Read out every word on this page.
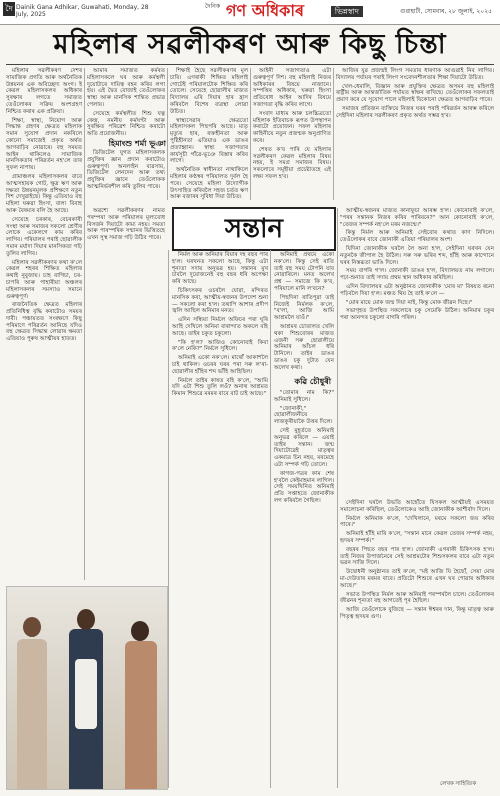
দৈ Dainik Gana Adhikar, Guwahati, Monday, 28 July, 2025
দৈনিক গণ অধিকাৰ	ভিন্নস্বাদ	গুৱাহাটী, সোমবাৰ, ২৮ জুলাই, ২০২৫
মহিলাৰ সৱলীকৰণ আৰু কিছু চিন্তা

মহিলাৰ সৱলীকৰণ দেশৰ সামাজিক প্ৰগতি আৰু অৰ্থনৈতিক উন্নয়নৰ এক অবিচ্ছেদ্য অংগ। ই কেৱল মহিলাসকলৰ অধিকাৰ সুৰক্ষাৰ লগতে সমাজত তেওঁলোকৰ সক্ৰিয় অংশগ্ৰহণ নিশ্চিত কৰাৰ এক প্ৰক্ৰিয়া।

শিক্ষা, স্বাস্থ্য, নিয়োগ আৰু সিদ্ধান্ত গ্ৰহণৰ ক্ষেত্ৰত মহিলাক সমান সুযোগ প্ৰদান নকৰিলে কোনো সমাজেই প্ৰকৃত অৰ্থত আগবাঢ়িব নোৱাৰে। বহু সময়ত আইন থাকিলেও সামাজিক মানসিকতাৰ পৰিৱৰ্তন নহ'লে তাৰ সুফল নাপায়।

গ্ৰামাঞ্চলৰ মহিলাসকলৰ বাবে আত্মসহায়ক গোট, ক্ষুদ্ৰ ঋণ আৰু দক্ষতা উন্নয়নমূলক প্ৰশিক্ষণে নতুন দিশ দেখুৱাইছে। কিন্তু এতিয়াও বহু মহিলা ঘৰুৱা হিংসা, বাল্য বিবাহ আৰু বৈষম্যৰ বলি হৈ আছে।

সেয়েহে চৰকাৰ, বেচৰকাৰী সংস্থা আৰু সমাজৰ সকলো শ্ৰেণীৰ লোকে একেলগে কাম কৰিব লাগিব। পৰিয়ালৰ পৰাই ছোৱালীক সমান মৰ্যাদা দিয়াৰ মানসিকতা গঢ়ি তুলিব লাগিব।

মহিলাৰ সৱলীকৰণৰ কথা ক'লে কেৱল শহৰৰ শিক্ষিত মহিলাৰ কথাই নুবুজায়। চাহ বাগিচা, চৰ-চাপৰি আৰু পাহাৰীয়া অঞ্চলৰ মহিলাসকলৰ সমস্যাও সমানে গুৰুত্বপূৰ্ণ।

ৰাজনৈতিক ক্ষেত্ৰত মহিলাৰ প্ৰতিনিধিত্ব বৃদ্ধি কৰাটোও সময়ৰ দাবী। পঞ্চায়তত সংৰক্ষণে কিছু পৰিমাণে পৰিৱৰ্তন আনিছে যদিও বহু ক্ষেত্ৰত সিদ্ধান্ত লোৱাৰ ক্ষমতা এতিয়াও পুৰুষ আত্মীয়ৰ হাতত।

আমাৰ সমাজত কৰ্মৰত মহিলাসকলে ঘৰ আৰু কৰ্মস্থলী দুয়োটাৰে দায়িত্ব বহন কৰিব লগা হয়। এই দ্বৈত বোজাই তেওঁলোকৰ স্বাস্থ্য আৰু মানসিক শান্তিত প্ৰভাৱ পেলায়।

সেয়েহে কৰ্মস্থলীত শিশু যত্ন কেন্দ্ৰ, নমনীয় কৰ্মঘণ্টা আৰু সুৰক্ষিত পৰিৱেশ নিশ্চিত কৰাটো অতি প্ৰয়োজনীয়।

হিমাংশু শৰ্মা ভূঞা

ডিজিটেল যুগত মহিলাসকলক প্ৰযুক্তিৰ জ্ঞান প্ৰদান কৰাটোও গুৰুত্বপূৰ্ণ। অনলাইন ব্যৱসায়, ডিজিটেল লেনদেন আৰু তথ্য প্ৰযুক্তিৰ জ্ঞানে তেওঁলোকক আত্মনিৰ্ভৰশীল কৰি তুলিব পাৰে।

শিক্ষাই হৈছে সৱলীকৰণৰ মূল চাবি। এগৰাকী শিক্ষিত মহিলাই গোটেই পৰিয়ালটোক শিক্ষিত কৰি তোলে। সেয়েহে ছোৱালীৰ মাজত বিদ্যালয় এৰি দিয়াৰ হাৰ হ্ৰাস কৰিবলৈ বিশেষ ব্যৱস্থা লোৱা উচিত।

স্বাস্থ্যসেৱাৰ ক্ষেত্ৰতো মহিলাসকল পিছপৰি আছে। মাতৃ মৃত্যুৰ হাৰ, ৰক্তহীনতা আৰু পুষ্টিহীনতা এতিয়াও এক ডাঙৰ প্ৰত্যাহ্বান। স্বাস্থ্য সজাগতাৰ কাৰ্যসূচী গাঁৱে-ভূঞে বিস্তাৰ কৰিব লাগে।

অৰ্থনৈতিক স্বাধীনতা নাথাকিলে মহিলাৰ কণ্ঠস্বৰ পৰিয়ালত দুৰ্বল হৈ পৰে। সেয়েহে মহিলা উদ্যোগীক উৎসাহিত কৰিবলৈ সহজ চৰ্তত ঋণ আৰু বজাৰৰ সুবিধা দিয়া উচিত।

আইনী সজাগতাও এটা গুৰুত্বপূৰ্ণ দিশ। বহু মহিলাই নিজৰ অধিকাৰৰ বিষয়ে নাজানে। সম্পত্তিৰ অধিকাৰ, ঘৰুৱা হিংসা প্ৰতিৰোধ আইন আদিৰ বিষয়ে সজাগতা বৃদ্ধি কৰিব লাগে।

সংবাদ মাধ্যম আৰু চলচ্চিত্ৰতো মহিলাক ইতিবাচক ৰূপত উপস্থাপন কৰাটো প্ৰয়োজন। সফল মহিলাৰ কাহিনীয়ে নতুন প্ৰজন্মক অনুপ্ৰাণিত কৰে।

শেষত ক'ব পাৰি যে মহিলাৰ সৱলীকৰণ কেৱল মহিলাৰ বিষয় নহয়, ই সমগ্ৰ সমাজৰ বিষয়। সকলোৰে সমূহীয়া প্ৰচেষ্টাতহে এই লক্ষ্য সফল হ'ব।

আজিৰ যুৱ প্ৰজন্মই লিংগ সমতাৰ ধাৰণাক আগুৱাই নিব লাগিব। বিদ্যালয় পৰ্যায়ৰ পৰাই লিংগ সংবেদনশীলতাৰ শিক্ষা দিয়াটো উচিত।

খেল-ধেমালি, বিজ্ঞান আৰু প্ৰযুক্তিৰ ক্ষেত্ৰত অসমৰ বহু মহিলাই ৰাষ্ট্ৰীয় আৰু আন্তৰ্জাতিক পৰ্যায়ত স্বাক্ষৰ ৰাখিছে। তেওঁলোকৰ সফলতাই প্ৰমাণ কৰে যে সুযোগ পালে মহিলাই যিকোনো ক্ষেত্ৰত আগবাঢ়িব পাৰে।

সমাজৰ প্ৰতিজন ব্যক্তিয়ে নিজৰ ঘৰৰ পৰাই পৰিৱৰ্তন আৰম্ভ কৰিলে সেইদিনা মহিলাৰ সৱলীকৰণ প্ৰকৃত অৰ্থত সম্ভৱ হ'ব।

সন্তান

অৱশ্যে সৱলীকৰণৰ নামত পৰম্পৰা আৰু পৰিয়ালৰ মূল্যবোধ বিসৰ্জন দিয়াটো কাম্য নহয়। সমতা আৰু পাৰস্পৰিক সন্মানৰ ভিত্তিতহে এখন সুস্থ সমাজ গঢ়ি উঠিব পাৰে।

নিৰ্মল আৰু অনিমাৰ বিয়াৰ দহ বছৰ পাৰ হ'ল। ঘৰখনত সকলো আছে, কিন্তু এটা শূন্যতা সদায় অনুভৱ হয়। সন্তানৰ মুখ চাবলৈ দুয়োজনেই বহু বছৰ ধৰি অপেক্ষা কৰি আছে।

চিকিৎসকৰ ওচৰলৈ যোৱা, মন্দিৰত মানসিক কৰা, আত্মীয়-স্বজনৰ উপদেশ শুনা — সকলো কৰা হ'ল। তথাপি আশাৰ প্ৰদীপ জ্বলি আছিল অনিমাৰ মনত।

এদিন সন্ধিয়া নিৰ্মলে অফিচৰ পৰা ঘূৰি আহি দেখিলে অনিমা বাৰান্দাত অকলে বহি আছে। তাইৰ চকুত চকুলো।

"কি হ'ল? আজিও কোনোবাই কিবা ক'লে নেকি?" নিৰ্মলে সুধিলে।

অনিমাই একো নক'লে। মাথোঁ আকাশলৈ চাই থাকিল। ওচৰৰ ঘৰৰ পৰা সৰু ল'ৰা-ছোৱালীৰ হাঁহিৰ শব্দ ভাঁহি আহিছিল।

নিৰ্মলে তাইৰ কাষত বহি ক'লে, "আমি যদি এটা শিশু তুলি লওঁ? অনাথ আশ্ৰমত কিমান শিশুৱে মৰমৰ বাবে বাট চাই আছে।"

কৱি চৌধুৰী

অনিমাই প্ৰথমে একো নক'লে। কিন্তু সেই ৰাতি তাই বহু সময় টোপনি যাব নোৱাৰিলে। মনত অলেখ প্ৰশ্ন — সমাজে কি ক'ব, পৰিয়ালে মানি ল'বনে?

পিছদিনা ৰাতিপুৱা তাই নিজেই নিৰ্মলক ক'লে, "ব'লা, আজি আমি আশ্ৰমলৈ যাওঁ।"

আশ্ৰমৰ চোতালত খেলি থকা শিশুবোৰৰ মাজত এজনী সৰু ছোৱালীয়ে অনিমাৰ আঁচল ধৰি টানিলে। তাইৰ ডাঙৰ ডাঙৰ চকু দুটাত যেন অলেখ কথা।

"তোমাৰ নাম কি?" অনিমাই সুধিলে।

"জোনাকী," ছোৱালীজনীয়ে লাজকুৰীয়াকৈ উত্তৰ দিলে।

সেই মুহূৰ্ততে অনিমাই অনুভৱ কৰিলে — এয়াই তাইৰ সন্তান। জন্ম দিয়াটোৱেই মাতৃত্বৰ একমাত্ৰ চিন নহয়, মৰমেহে এটা সম্পৰ্ক গঢ়ি তোলে।

কাগজ-পত্ৰৰ কাম শেষ হ'বলৈ কেইমাহমান লাগিল। সেই সময়খিনিত অনিমাই প্ৰতি সপ্তাহতে জোনাকীক লগ কৰিবলৈ গৈছিল।

আত্মীয়-স্বজনৰ মাজত কানাফুচা আৰম্ভ হ'ল। কোনোবাই ক'লে, "পৰৰ সন্তানক নিজৰ কৰিব পাৰিবনে?" আন কোনোবাই ক'লে, "তেজৰ সম্পৰ্ক নহ'লে মৰম নজন্মে।"

কিন্তু নিৰ্মল আৰু অনিমাই সেইবোৰ কথাত কাণ নিদিলে। তেওঁলোকৰ বাবে জোনাকী এতিয়া পৰিয়ালৰ অংশ।

যিদিনা জোনাকীক ঘৰলৈ লৈ অনা হ'ল, সেইদিনা ঘৰখন যেন নতুনকৈ জীপাল হৈ উঠিল। সৰু সৰু ভৰিৰ শব্দ, হাঁহি আৰু কান্দোনে ঘৰৰ নিস্তব্ধতা ভাঙি দিলে।

সময় বাগৰি গ'ল। জোনাকী ডাঙৰ হ'ল, বিদ্যালয়ত নাম লগালে। পঢ়া-শুনাত তাই সদায় প্ৰথম স্থান অধিকাৰ কৰিছিল।

এদিন বিদ্যালয়ৰ এটা অনুষ্ঠানত জোনাকীক 'মোৰ মা' বিষয়ত ৰচনা পঢ়িবলৈ দিয়া হ'ল। মঞ্চত থিয় হৈ তাই ক'লে —

"মোৰ মায়ে মোক জন্ম দিয়া নাই, কিন্তু মোক জীৱন দিছে।"

সভাগৃহত উপস্থিত সকলোৰে চকু সেমেকি উঠিল। অনিমাৰ চকুৰ পৰা আনন্দৰ চকুলো বাগৰি পৰিল।

সেইদিনা ঘৰলৈ উভতি আহোঁতে যিসকল আত্মীয়ই এসময়ত সমালোচনা কৰিছিল, তেওঁলোকেও আহি জোনাকীক আশীৰ্বাদ দিলে।

নিৰ্মলে অনিমাক ক'লে, "দেখিলানে, মৰমে সকলো জয় কৰিব পাৰে।"

অনিমাই হাঁহি মাৰি ক'লে, "সন্তান মানে কেৱল তেজৰ সম্পৰ্ক নহয়, হৃদয়ৰ সম্পৰ্ক।"

বছৰৰ পিছত বছৰ পাৰ হ'ল। জোনাকী এগৰাকী চিকিৎসক হ'ল। তাই নিজৰ উপাৰ্জনেৰে সেই আশ্ৰমটোৰ শিশুসকলৰ বাবে এটা নতুন ভৱন সাজি দিলে।

উদ্বোধনী অনুষ্ঠানত তাই ক'লে, "মই আজি যি হৈছোঁ, সেয়া মোৰ মা-দেউতাৰ মৰমৰ বাবে। প্ৰতিটো শিশুৰে এখন ঘৰ পোৱাৰ অধিকাৰ আছে।"

সভাত উপস্থিত নিৰ্মল আৰু অনিমাই পৰস্পৰলৈ চালে। তেওঁলোকৰ জীৱনৰ শূন্যতা বহু আগতেই পূৰ হৈছিল।

আজি তেওঁলোকে বুজিছে — সন্তান ঈশ্বৰৰ দান, কিন্তু মাতৃত্ব আৰু পিতৃত্ব হৃদয়ৰ গুণ।

লেখক সাহিত্যিক
